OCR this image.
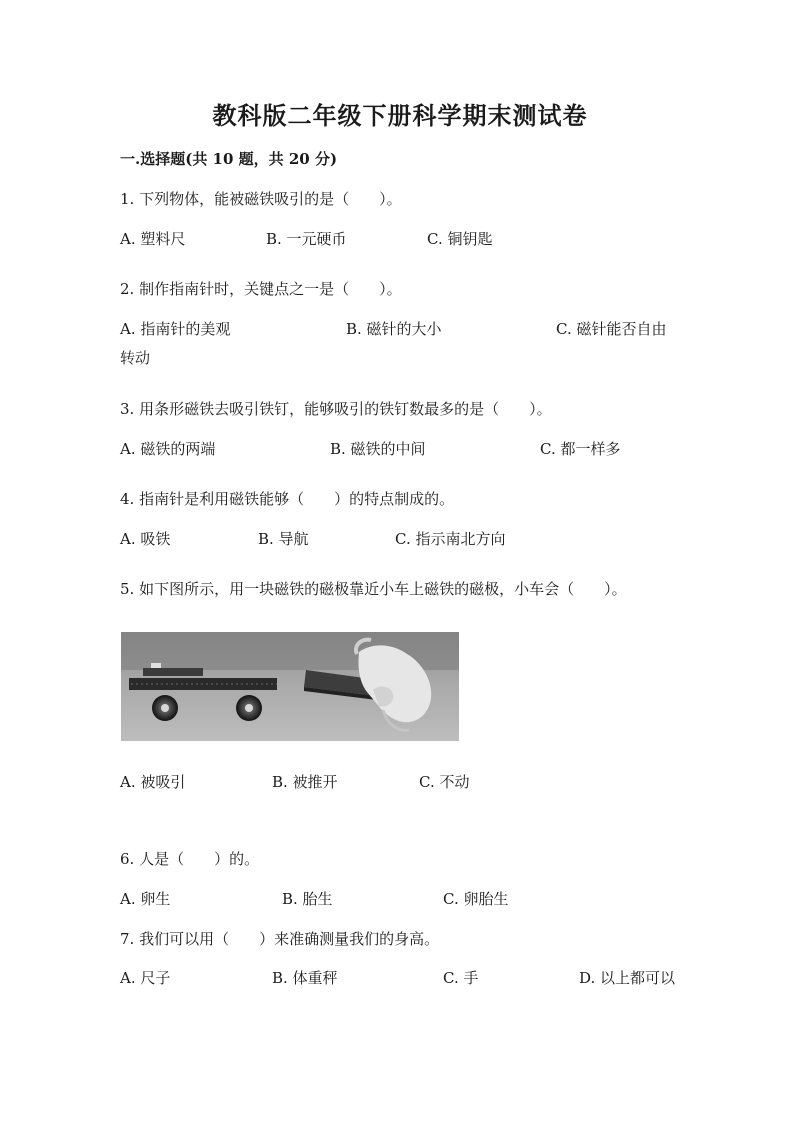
教科版二年级下册科学期末测试卷
一.选择题(共 10 题，共 20 分)
1. 下列物体，能被磁铁吸引的是（　　）。
A. 塑料尺	B. 一元硬币	C. 铜钥匙
2. 制作指南针时，关键点之一是（　　）。
A. 指南针的美观	B. 磁针的大小	C. 磁针能否自由
转动
3. 用条形磁铁去吸引铁钉，能够吸引的铁钉数最多的是（　　）。
A. 磁铁的两端	B. 磁铁的中间	C. 都一样多
4. 指南针是利用磁铁能够（　　）的特点制成的。
A. 吸铁	B. 导航	C. 指示南北方向
5. 如下图所示，用一块磁铁的磁极靠近小车上磁铁的磁极，小车会（　　）。
A. 被吸引	B. 被推开	C. 不动
6. 人是（　　）的。
A. 卵生	B. 胎生	C. 卵胎生
7. 我们可以用（　　）来准确测量我们的身高。
A. 尺子	B. 体重秤	C. 手	D. 以上都可以
